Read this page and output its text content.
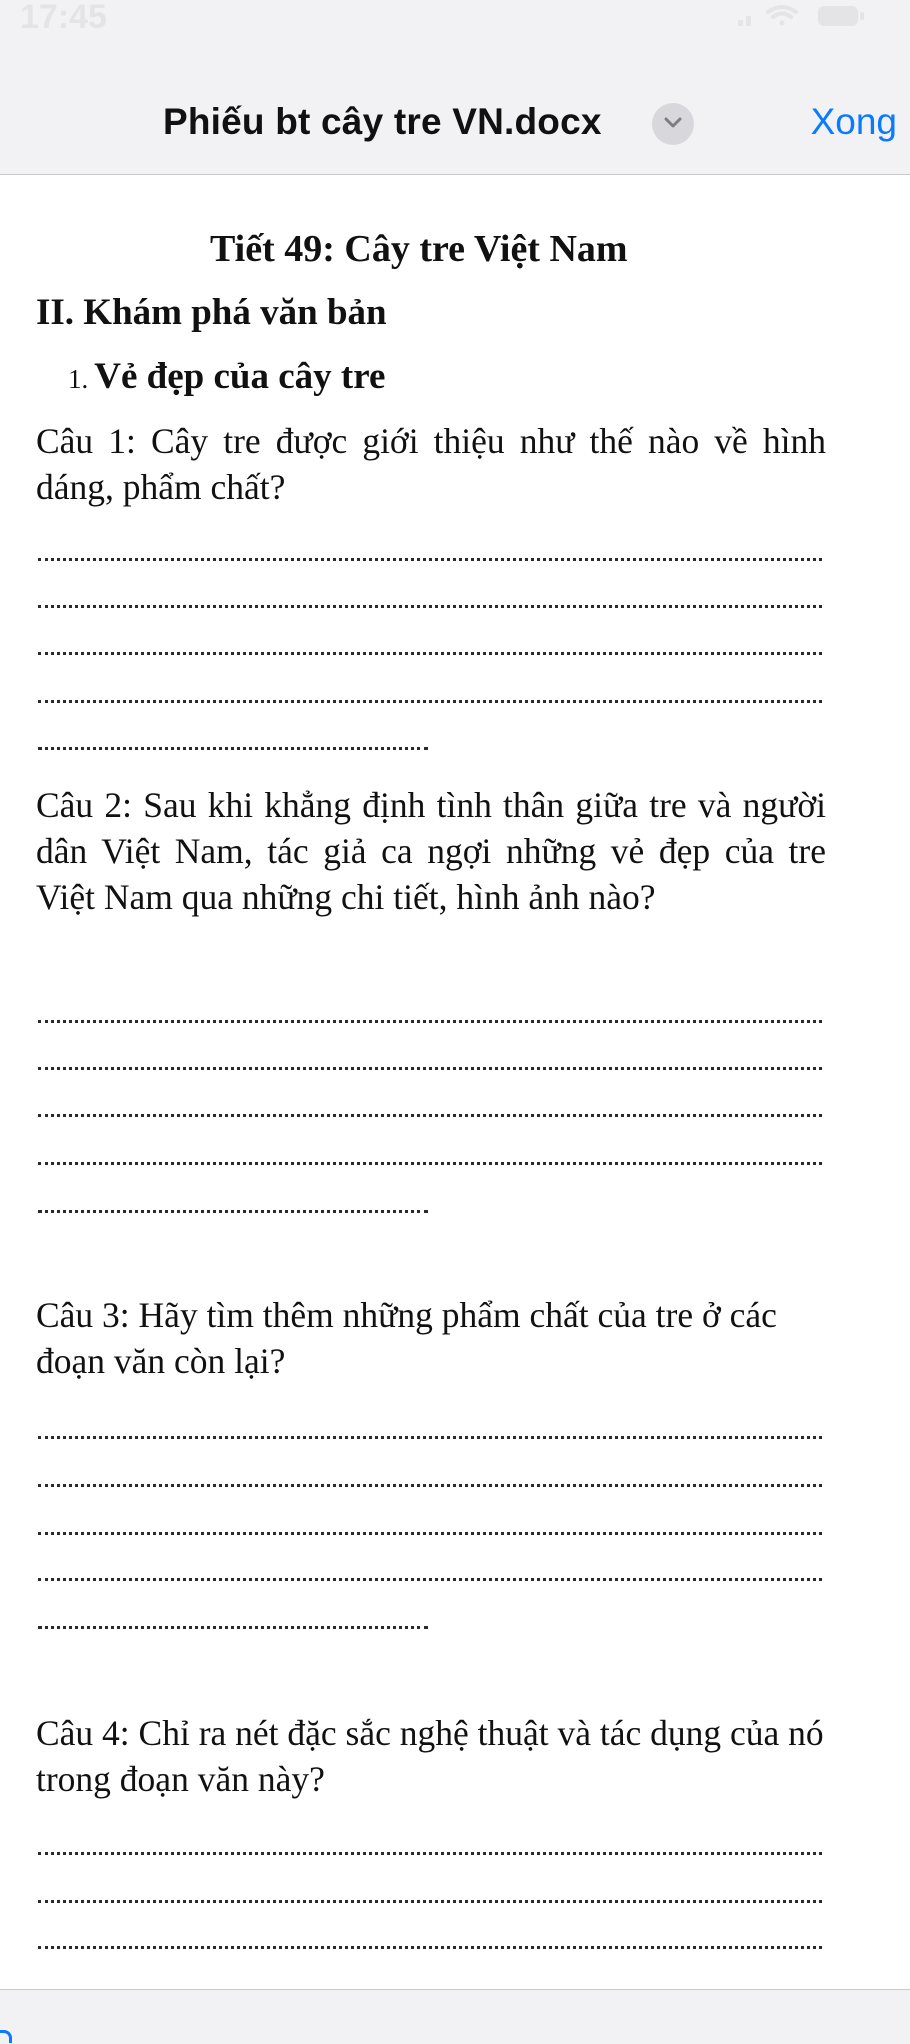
17:45
Phiếu bt cây tre VN.docx	Xong
Tiết 49: Cây tre Việt Nam
II. Khám phá văn bản
1. Vẻ đẹp của cây tre
Câu 1: Cây tre được giới thiệu như thế nào về hình dáng, phẩm chất?
Câu 2: Sau khi khẳng định tình thân giữa tre và người dân Việt Nam, tác giả ca ngợi những vẻ đẹp của tre Việt Nam qua những chi tiết, hình ảnh nào?
Câu 3: Hãy tìm thêm những phẩm chất của tre ở các đoạn văn còn lại?
Câu 4: Chỉ ra nét đặc sắc nghệ thuật và tác dụng của nó trong đoạn văn này?
